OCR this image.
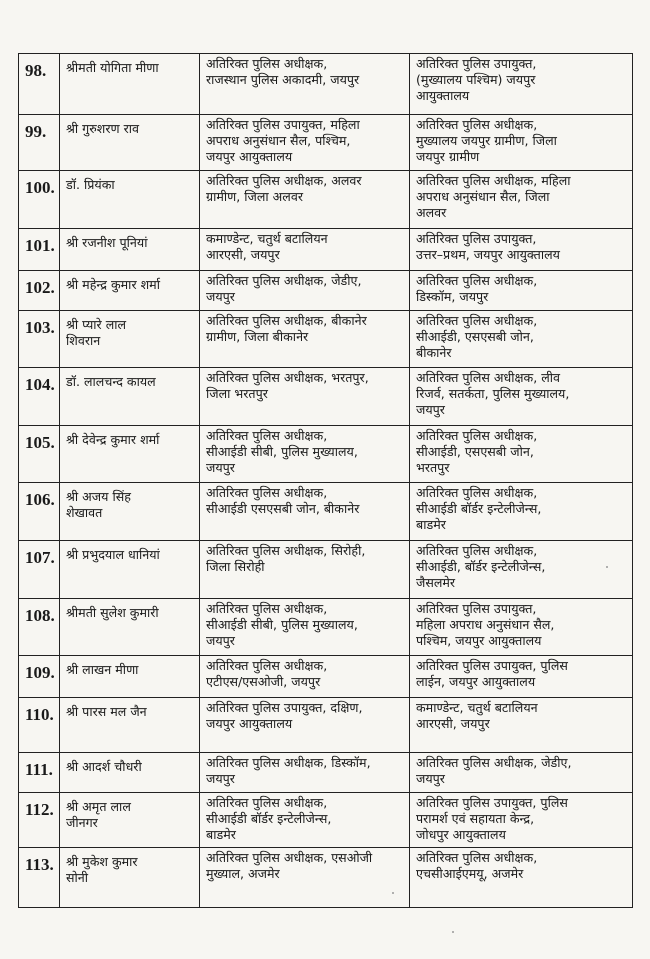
98.	श्रीमती योगिता मीणा	अतिरिक्त पुलिस अधीक्षक,
राजस्थान पुलिस अकादमी, जयपुर	अतिरिक्त पुलिस उपायुक्त,
(मुख्यालय पश्चिम) जयपुर
आयुक्तालय
99.	श्री गुरुशरण राव	अतिरिक्त पुलिस उपायुक्त, महिला
अपराध अनुसंधान सैल, पश्चिम,
जयपुर आयुक्तालय	अतिरिक्त पुलिस अधीक्षक,
मुख्यालय जयपुर ग्रामीण, जिला
जयपुर ग्रामीण
100.	डॉ. प्रियंका	अतिरिक्त पुलिस अधीक्षक, अलवर
ग्रामीण, जिला अलवर	अतिरिक्त पुलिस अधीक्षक, महिला
अपराध अनुसंधान सैल, जिला
अलवर
101.	श्री रजनीश पूनियां	कमाण्डेन्ट, चतुर्थ बटालियन
आरएसी, जयपुर	अतिरिक्त पुलिस उपायुक्त,
उत्तर–प्रथम, जयपुर आयुक्तालय
102.	श्री महेन्द्र कुमार शर्मा	अतिरिक्त पुलिस अधीक्षक, जेडीए,
जयपुर	अतिरिक्त पुलिस अधीक्षक,
डिस्कॉम, जयपुर
103.	श्री प्यारे लाल
शिवरान	अतिरिक्त पुलिस अधीक्षक, बीकानेर
ग्रामीण, जिला बीकानेर	अतिरिक्त पुलिस अधीक्षक,
सीआईडी, एसएसबी जोन,
बीकानेर
104.	डॉ. लालचन्द कायल	अतिरिक्त पुलिस अधीक्षक, भरतपुर,
जिला भरतपुर	अतिरिक्त पुलिस अधीक्षक, लीव
रिजर्व, सतर्कता, पुलिस मुख्यालय,
जयपुर
105.	श्री देवेन्द्र कुमार शर्मा	अतिरिक्त पुलिस अधीक्षक,
सीआईडी सीबी, पुलिस मुख्यालय,
जयपुर	अतिरिक्त पुलिस अधीक्षक,
सीआईडी, एसएसबी जोन,
भरतपुर
106.	श्री अजय सिंह
शेखावत	अतिरिक्त पुलिस अधीक्षक,
सीआईडी एसएसबी जोन, बीकानेर	अतिरिक्त पुलिस अधीक्षक,
सीआईडी बॉर्डर इन्टेलीजेन्स,
बाडमेर
107.	श्री प्रभुदयाल धानियां	अतिरिक्त पुलिस अधीक्षक, सिरोही,
जिला सिरोही	अतिरिक्त पुलिस अधीक्षक,
सीआईडी, बॉर्डर इन्टेलीजेन्स,
जैसलमेर
108.	श्रीमती सुलेश कुमारी	अतिरिक्त पुलिस अधीक्षक,
सीआईडी सीबी, पुलिस मुख्यालय,
जयपुर	अतिरिक्त पुलिस उपायुक्त,
महिला अपराध अनुसंधान सैल,
पश्चिम, जयपुर आयुक्तालय
109.	श्री लाखन मीणा	अतिरिक्त पुलिस अधीक्षक,
एटीएस/एसओजी, जयपुर	अतिरिक्त पुलिस उपायुक्त, पुलिस
लाईन, जयपुर आयुक्तालय
110.	श्री पारस मल जैन	अतिरिक्त पुलिस उपायुक्त, दक्षिण,
जयपुर आयुक्तालय	कमाण्डेन्ट, चतुर्थ बटालियन
आरएसी, जयपुर
111.	श्री आदर्श चौधरी	अतिरिक्त पुलिस अधीक्षक, डिस्कॉम,
जयपुर	अतिरिक्त पुलिस अधीक्षक, जेडीए,
जयपुर
112.	श्री अमृत लाल
जीनगर	अतिरिक्त पुलिस अधीक्षक,
सीआईडी बॉर्डर इन्टेलीजेन्स,
बाडमेर	अतिरिक्त पुलिस उपायुक्त, पुलिस
परामर्श एवं सहायता केन्द्र,
जोधपुर आयुक्तालय
113.	श्री मुकेश कुमार
सोनी	अतिरिक्त पुलिस अधीक्षक, एसओजी
मुख्याल, अजमेर	अतिरिक्त पुलिस अधीक्षक,
एचसीआईएमयू, अजमेर
